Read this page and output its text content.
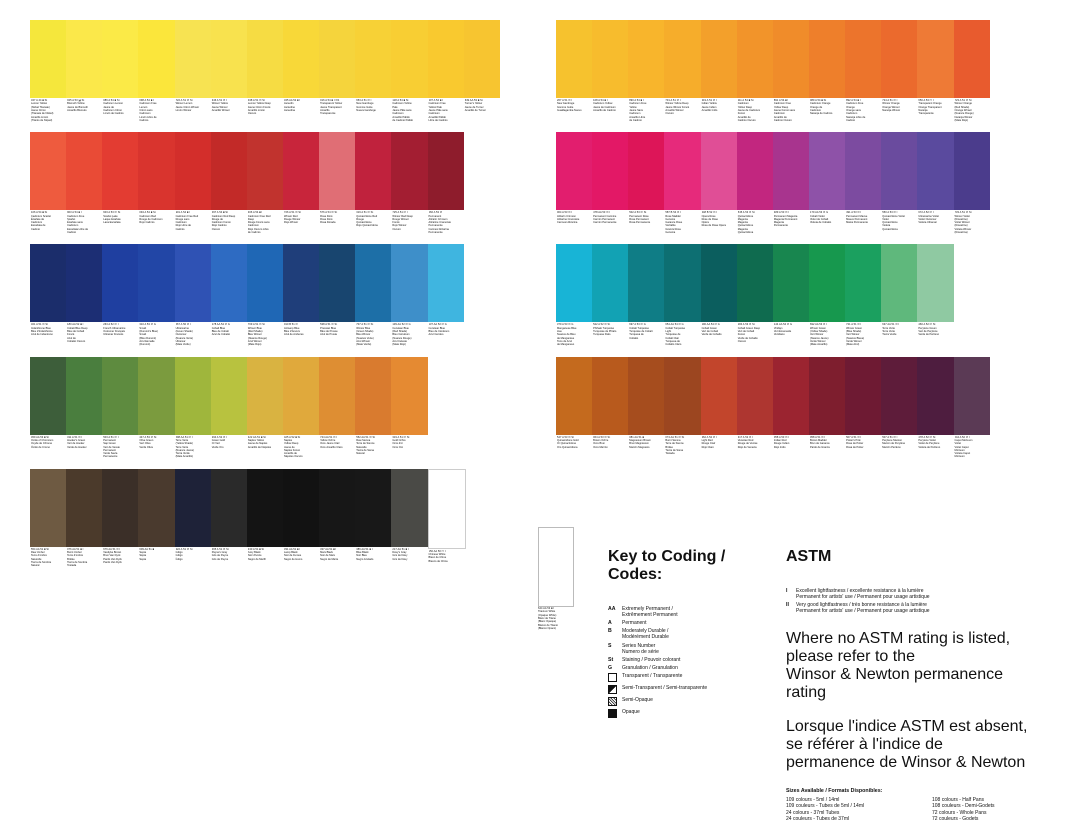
347 A 44 ■ St
Lemon Yellow
(Nickel Titanate)
Jaune Citron
(Titanate de Nickel)
Amarillo Limón
(Titanio de Níquel)
025 A 53 ◪ St
Bismuth Yellow
Jaune de Bismuth
Amarillo Bismuto
086 A 54 ■ St
Cadmium Lemon
Jaune de
Cadmium Citron
Limón de Cadmio
098 A 54 ■ I
Cadmium Free
Lemon
Citron sans
Cadmium
Limón Libre de
Cadmio
722 A 51 ☑ St
Winsor Lemon
Jaune Citron Winsor
Limón Winsor
346 A 51 ☑ I
Winsor Yellow
Jaune Winsor
Amarillo Winsor
348 A 51 ☑ St
Lemon Yellow Deep
Jaune Citron Foncé
Amarillo Limón
Oscuro
345 AA 52 ■ I
Aureolin
Auréoline
Aureolina
016 A 54 ■ I ☑b
Transparent Yellow
Jaune Transparent
Amarillo
Transparente
653 A 51 ☑ I
New Gamboge
Gomme Gutte
Nueva Gamboge
118 A 54 ■ St
Cadmium Yellow
Pale
Jaune Pâle sans
Cadmium
Amarillo Pálido
de Cadmio Pálido
907 A 54 ■ I
Cadmium Free
Yellow Pale
Jaune Pâle sans
Cadmium
Amarillo Pálido
Libre de Cadmio
649 AA 53 ■ St
Turner's Yellow
Jaune de Turner
Amarillo de Turner
106 A 54 ■ St
Cadmium Scarlet
Écarlate de
Cadmium
Escarlata de
Cadmio
903 A 54 ■ I
Cadmium Free
Scarlet
Écarlate sans
Cadmium
Escarlata Libre de
Cadmio
603 A 53 ☑ St
Scarlet Lake
Laque Écarlate
Laca Escarlata
094 A 54 ■ St
Cadmium Red
Rouge de Cadmium
Rojo Cadmio
901 A 54 ■ I
Cadmium Free Red
Rouge sans
Cadmium
Rojo Libre de
Cadmio
097 A 54 ■ St
Cadmium Red Deep
Rouge de
Cadmium Foncé
Rojo Cadmio
Oscuro
466 A 54 ■ I
Cadmium Free Red
Deep
Rouge Foncé sans
Cadmium
Rojo Oscuro Libre
de Cadmio
726 A 51 ☑ St
Winsor Red
Rouge Winsor
Rojo Winsor
576 A 54 ☑ St
Rose Doré
Rose Doré
Rosa Dorada
319 A 51 ☑ St
Quinacridone Red
Rouge
Quinacridone
Rojo Quinacridona
725 A 51 ☑ I
Winsor Red Deep
Rouge Winsor
Foncé
Rojo Winsor
Oscuro
466 A 53 ☑
Permanent
Alizarin Crimson
Alizarine Cramoisie
Permanente
Carmesí Alizarina
Permanente
321 A 51 ☑ St
Indanthrene Blue
Bleu d'Indanthrène
Azul de Indantreno
180 AA 52 ■ I
Cobalt Blue Deep
Bleu de Cobalt
Foncé
Azul de
Cobalto Oscuro
263 A 52 ☑ I
French Ultramarine
Outremer Français
Ultramar Francés
310 A 53 ☑ G
Smalt
(Dumont's Blue)
Smalt
(Bleu Dumont)
Azul Esmalte
(Dumont)
667 A 50 ☑ I
Ultramarine
(Green Shade)
Outremer
(Nuance Verte)
Ultramar
(Mate Verde)
178 AA 54 ☑ G
Cobalt Blue
Bleu de Cobalt
Azul de Cobalto
709 A 51 ☑ St
Winsor Blue
(Red Shade)
Bleu Winsor
(Nuance Rouge)
Azul Winsor
(Mate Rojo)
010 B 51 ☑
Antwerp Blue
Bleu d'Anvers
Azul de Amberes
538 A 51 ☑ St
Prussian Blue
Bleu de Prusse
Azul de Prusia
707 A 51 ☑ St
Winsor Blue
(Green Shade)
Bleu Winsor
(Nuance Verte)
Azul Winsor
(Mate Verde)
139 AA 52 ☑ G
Cerulean Blue
(Red Shade)
Bleu Céruléum
(Nuance Rouge)
Azul Celeste
(Mate Rojo)
137 AA 52 ☑ G
Cerulean Blue
Bleu de Céruléum
Azul Cerúleo
459 AA 53 ■ St
Oxide of Chromium
Oxyde de Chrome
Óxido de Cromo
311 A 51 ☑ I
Hooker's Green
Vert de Hooker
Verde de Hooker
503 A 51 ☑ I
Permanent
Sap Green
Vert de Vessie
Permanent
Verde Savia
Permanente
447 A 53 ☑ St
Olive Green
Vert Olive
Verde Oliva
698 AA 51 ☑ I
Terre Verte
(Yellow Shade)
Terre Verte
(Nuance Jaune)
Tierra Verde
(Mate Amarillo)
294 A 52 ☑ I
Green Gold
Or Vert
Verde Oro
422 AA 51 ■ St
Naples Yellow
Jaune de Naples
Amarillo de Nápoles
425 A 52 ■ St
Naples
Yellow Deep
Jaune de
Naples Foncé
Amarillo de
Nápoles Oscuro
744 AA 51 ☑ I
Yellow Ochre
Ocre Jaune Clair
Ocre Amarillo Claro
552 AA 51 ☑ St
Raw Sienna
Terre de Sienne
Naturelle
Tierra de Siena
Natural
319 A 51 ☑ St
Gold Ochre
Ocre d'or
Ocre Oro
554 AA 51 ■ St
Raw Umber
Terre d'ombre
Naturelle
Tierra de Sombra
Natural
076 AA 51 ■ I
Burnt Umber
Terre d'ombre
Brûlée
Tierra de Sombra
Tostada
676 AA 51 ☑ I
Vandyke Brown
Brun Van Dyck
Pardo Van Dyck
Pardo Van Dyck
609 AA 51 ■
Sepia
Sépia
Sepia
322 A 51 ☑ St
Indigo
Indigo
Índigo
465 A 51 ☑ St
Payne's Gray
Gris de Payne
Gris de Payne
430 A 51 ■ St
Ivory Black
Noir d'Ivoire
Negro de Marfil
331 AA 51 ■ I
Lamp Black
Noir de Fumée
Negro de Humo
337 AA 51 ■ I
Mars Black
Noir de Mars
Negro de Marte
386 AA 51 ■ I
Blue Black
Noir Bleu
Negro Azulado
217 AA 51 ■ I
Davy's Gray
Gris de Davy
Gris de Davy
150 AA 50 ☐ I
Chinese White
Blanc de Chine
Blanco de China
267 A 51 ☑ I
New Gamboge
Gomme Gutte
Gualdagamba Nuevo
108 A 54 ■ I
Cadmium Yellow
Jaune de Cadmium
Amarillo de Cadmio
890 A 54 ■ I
Cadmium Free
Yellow
Jaune Sans
Cadmium
Amarillo Libre
de Cadmio
731 A 51 ☑ I
Winsor Yellow Deep
Jaune Winsor Foncé
Amarillo Winsor
Oscuro
319 A 51 ☑ I
Indian Yellow
Jaune Indien
Amarillo Indio
111 A 54 ■ St
Cadmium
Yellow Deep
Jaune de Cadmium
Foncé
Amarillo de
Cadmio Oscuro
891 A 54 ■ I
Cadmium Free
Yellow Deep
Jaune Foncé sans
Cadmium
Amarillo de
Cadmio Oscuro
089 A 54 ■ St
Cadmium Orange
Orange de
Cadmium
Naranja de Cadmio
892 A 54 ■ I
Cadmium Free
Orange
Orange sans
Cadmium
Naranja Libre de
Cadmio
724 A 51 ☑ I
Winsor Orange
Orange Winsor
Naranja Winsor
650 A 53 ☐ I
Transparent Orange
Orange Transparent
Naranja
Transparente
723 A 51 ☑ St
Winsor Orange
(Red Shade)
Orange Winsor
(Nuance Rouge)
Naranja Winsor
(Mate Rojo)
004 A 53 ☑ I
Alizarin Crimson
Alizarine Cramoisie
Carmesí Alizarina
478 AA 53 ☑ I
Permanent Carmine
Carmin Permanent
Carmín Permanente
502 A 53 ☑ St
Permanent Rose
Rose Permanent
Rosa Permanente
587 B 54 ☑ I
Rose Madder
Genuine
Garance Rose
Véritable
Granza Rosa
Genuina
448 B 52 ☑ I
Opera Rose
Rose de Rose
Opéra
Rosa de Rosa Opera
545 A 53 ☑ St
Quinacridone
Magenta
Magenta
Quinacridone
Magenta
Quinacridona
489 A 53 ☑ I
Permanent Magenta
Magenta Permanent
Magenta
Permanente
179 AA 53 ☑ G
Cobalt Violet
Violet de Cobalt
Violeta de Cobalto
491 A 53 ☑ I
Permanent Mauve
Mauve Permanent
Malva Permanente
550 A 53 ☑ I
Quinacridone Violet
Violet
Quinacridone
Violeta
Quinacridona
672 A 52 ☑ I
Ultramarine Violet
Violet Outremer
Violeta Ultramar
733 A 51 ☑ St
Winsor Violet
(Dioxazine)
Violet Winsor
(Dioxazine)
Violeta Winsor
(Dioxazina)
379 A 53 ☑ G
Manganese Blue
Hue
Nuance de Bleu
de Manganèse
Tono de Azul
de Manganeso
522 A 52 ☑ St
Phthalo Turquoise
Turquoise de Phtalo
Turquesa Ftalo
697 A 53 ☑ G
Cobalt Turquoise
Turquoise de Cobalt
Turquesa de
Cobalto
654 AA 54 ☑ G
Cobalt Turquoise
Light
Turquoise de
Cobalt Clair
Turquesa de
Cobalto Claro
190 AA 54 ☑ G
Cobalt Green
Vert de Cobalt
Verde de Cobalto
184 A 53 ☑ St
Cobalt Green Deep
Vert de Cobalt
Foncé
Verde de Cobalto
Oscuro
144 AA 54 ☑ G
Viridian
Vert Émeraude
Veridiano
692 AA 53 ☑ I
Winsor Green
(Yellow Shade)
Vert Winsor
(Nuance Jaune)
Verde Winsor
(Mate Amarillo)
721 A 51 ☑ I
Winsor Green
(Blue Shade)
Vert Winsor
(Nuance Bleue)
Verde Winsor
(Mate Azul)
637 AA 51 ☑ I
Terre Verte
Terre Verte
Tierra Verde
460 A 52 ☑ St
Perylene Green
Vert de Perylène
Verde de Perileno
547 A 53 ☑ St
Quinacridone Gold
Or Quinacridone
Oro Quinacridona
064 A 53 ☑ St
Brown Ochre
Ocre Brun
Ocre Marrón
081 AA 51 ■
Magnesium Brown
Brun Magnésium
Marrón Magnesio
074 AA 51 ☑ St
Burnt Sienna
Terre de Sienne
Brûlée
Tierra de Siena
Tostada
362 A 52 ☑ I
Light Red
Rouge Clair
Rojo Claro
317 A 52 ☑ I
Venetian Red
Rouge de Venise
Rojo de Venecia
058 A 53 ☑ I
Indian Red
Rouge Indien
Rojo Indio
058 A 51 ☑ I
Brown Madder
Brun de Garance
Pardo de Granza
507 A 51 ☑ I
Potter's Pink
Rose de Potier
Rosa de Potter
507 A 51 ☑ I
Perylene Maroon
Marron de Perylène
Marrón Perileno
478 A 52 ☑ St
Perylene Violet
Violet de Perylène
Violeta de Perileno
544 A 52 ☑ I
Caput Mortuum
Violet
Violet Caput
Mortuum
Violeta Caput
Mortuum
644 AA 53 ■ I
Titanium White
(Opaque White)
Blanc de Titane
(Blanc Opaque)
Blanco de Titanio
(Blanco Opaco)
Key to Coding / Codes:
AA	Extremely Permanent /
Extrêmement Permanent
A	Permanent
B	Moderately Durable /
Modérément Durable
S	Series Number
Numero de série
St	Staining / Pouvoir colorant
G	Granulation / Granulation
Transparent / Transparente
Semi-Transparent / Semi-transparente
Semi-Opaque
Opaque
ASTM
I	Excellent lightfastness / excellente resistance à la lumière
Permanent for artists' use / Permanent pour usage artistique
II	Very good lightfastness / très bonne resistance à la lumière
Permanent for artists' use / Permanent pour usage artistique

Where no ASTM rating is listed, please refer to the
Winsor & Newton permanence rating

Lorsque l'indice ASTM est absent, se référer à l'indice de
permanence de Winsor & Newton

Sizes Available / Formats Disponibles:
109 colours - 5ml / 14ml	108 colours - Half Pans
109 couleurs - Tubes de 5ml / 14ml	108 couleurs - Demi-Godets
24 colours - 37ml Tubes	72 colours - Whole Pans
24 couleurs - Tubes de 37ml	72 couleurs - Godets
